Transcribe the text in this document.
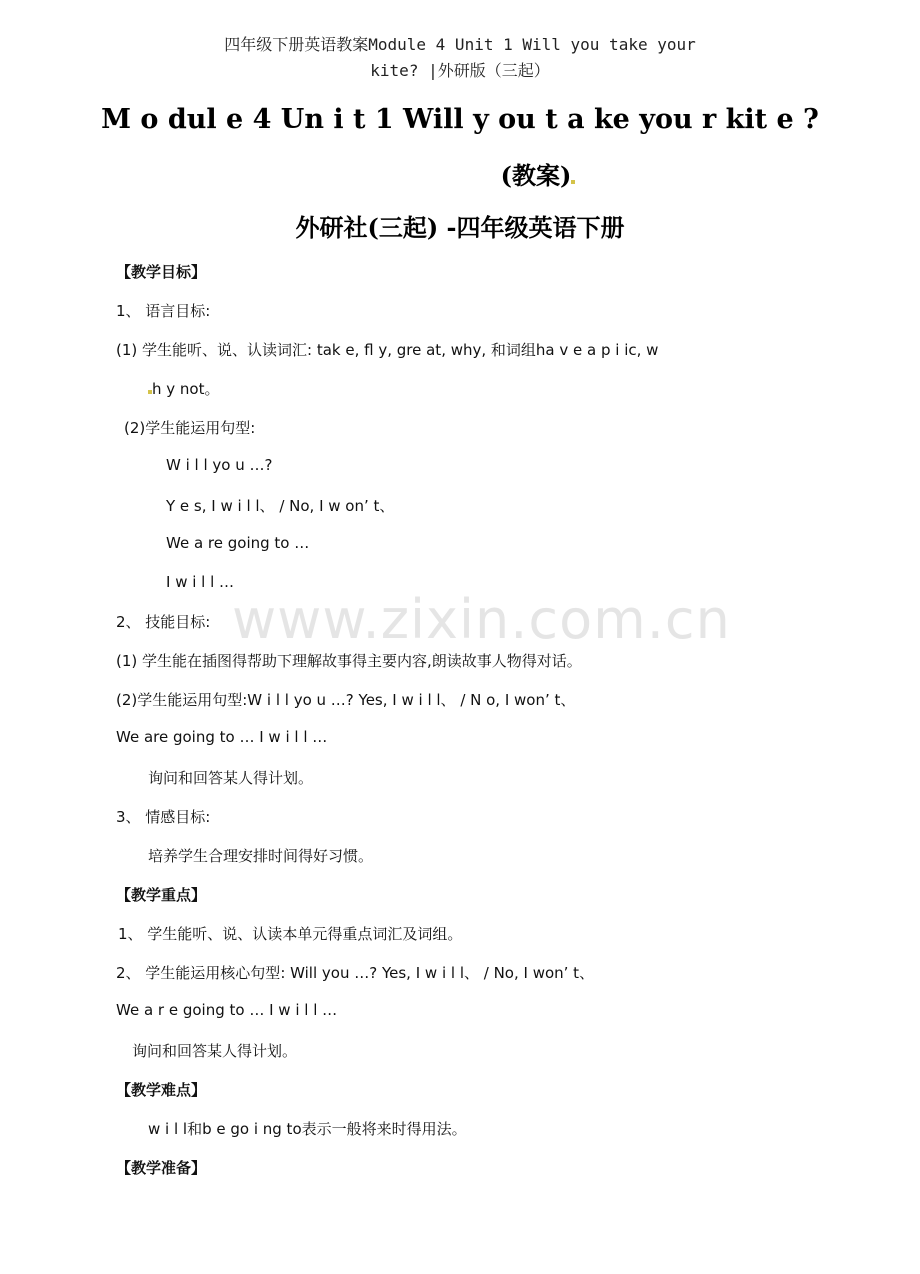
四年级下册英语教案Module 4 Unit 1 Will you take your
kite? |外研版（三起）
M o dul e 4 Un i t 1 Will y ou t a ke you r kit e ?
(教案)
外研社(三起) -四年级英语下册
www.zixin.com.cn
【教学目标】
1、 语言目标:
(1) 学生能听、说、认读词汇: tak e, fl y, gre at, why, 和词组ha v e a p i ic, w
h y not。
(2)学生能运用句型:
W i l l yo u …?
Y e s, I w i l l、 / No, I w on’ t、
We a re going to …
I w i l l …
2、 技能目标:
(1) 学生能在插图得帮助下理解故事得主要内容,朗读故事人物得对话。
(2)学生能运用句型:W i l l yo u …? Yes, I w i l l、 / N o, I won’ t、
We are going to … I w i l l …
询问和回答某人得计划。
3、 情感目标:
培养学生合理安排时间得好习惯。
【教学重点】
1、 学生能听、说、认读本单元得重点词汇及词组。
2、 学生能运用核心句型: Will you …? Yes, I w i l l、 / No, I won’ t、
We a r e going to … I w i l l …
询问和回答某人得计划。
【教学难点】
w i l l和b e go i ng to表示一般将来时得用法。
【教学准备】
